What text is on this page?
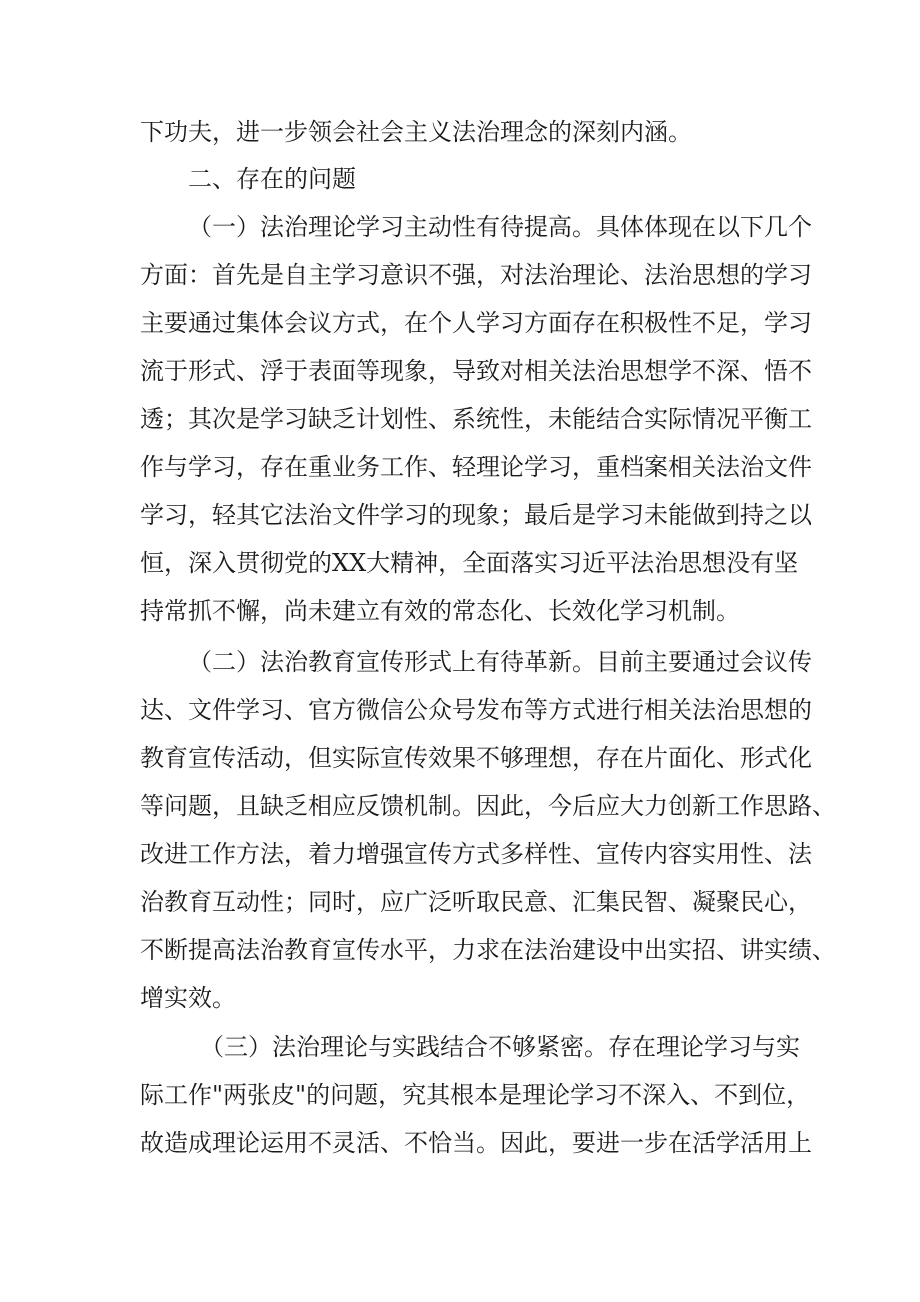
下功夫，进一步领会社会主义法治理念的深刻内涵。
二、存在的问题
（一）法治理论学习主动性有待提高。具体体现在以下几个
方面：首先是自主学习意识不强，对法治理论、法治思想的学习
主要通过集体会议方式，在个人学习方面存在积极性不足，学习
流于形式、浮于表面等现象，导致对相关法治思想学不深、悟不
透；其次是学习缺乏计划性、系统性，未能结合实际情况平衡工
作与学习，存在重业务工作、轻理论学习，重档案相关法治文件
学习，轻其它法治文件学习的现象；最后是学习未能做到持之以
恒，深入贯彻党的XX大精神，全面落实习近平法治思想没有坚
持常抓不懈，尚未建立有效的常态化、长效化学习机制。
（二）法治教育宣传形式上有待革新。目前主要通过会议传
达、文件学习、官方微信公众号发布等方式进行相关法治思想的
教育宣传活动，但实际宣传效果不够理想，存在片面化、形式化
等问题，且缺乏相应反馈机制。因此，今后应大力创新工作思路、
改进工作方法，着力增强宣传方式多样性、宣传内容实用性、法
治教育互动性；同时，应广泛听取民意、汇集民智、凝聚民心，
不断提高法治教育宣传水平，力求在法治建设中出实招、讲实绩、
增实效。
（三）法治理论与实践结合不够紧密。存在理论学习与实
际工作"两张皮"的问题，究其根本是理论学习不深入、不到位，
故造成理论运用不灵活、不恰当。因此，要进一步在活学活用上
